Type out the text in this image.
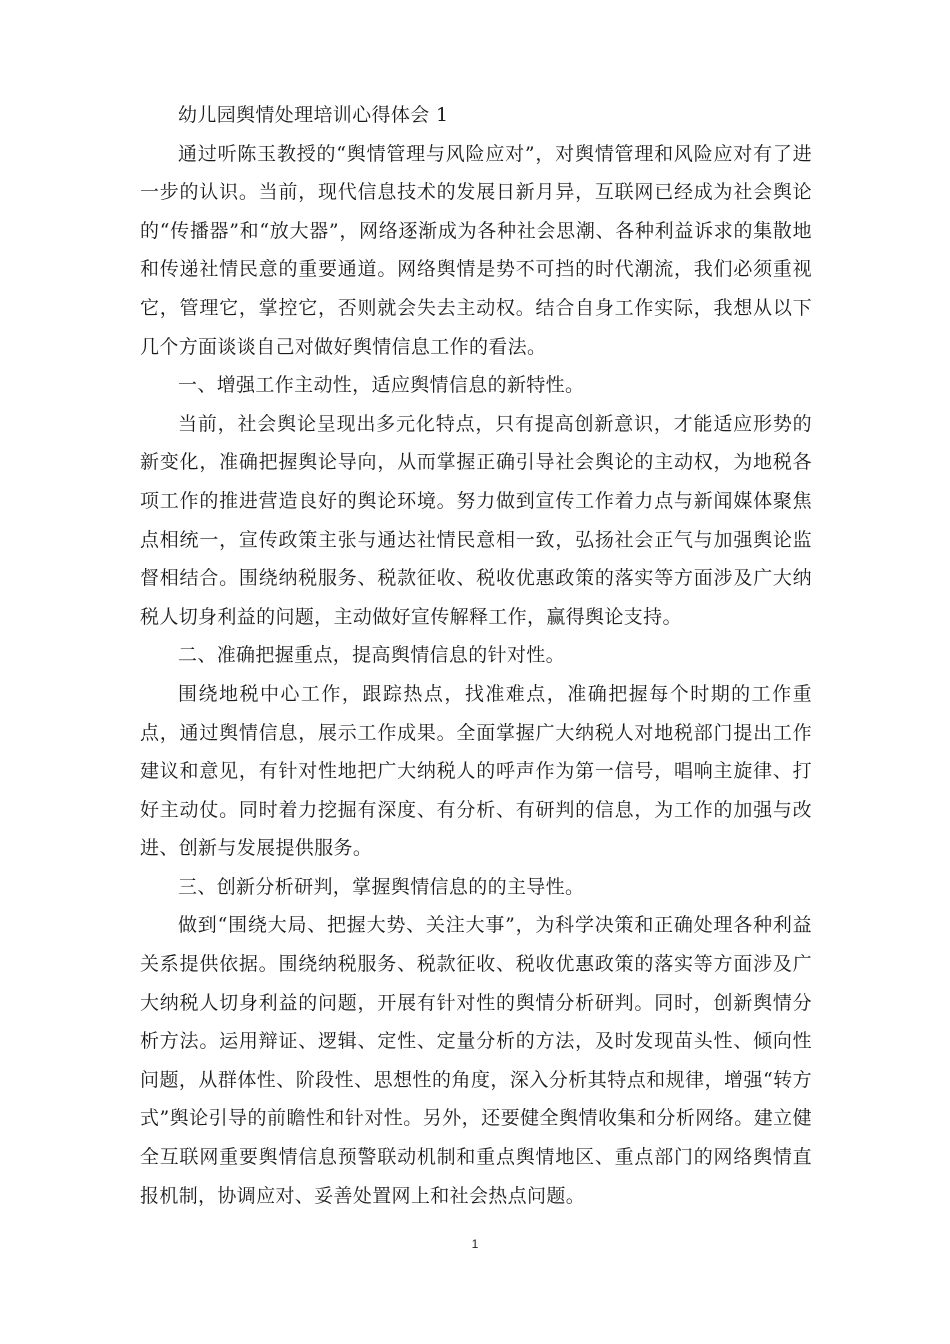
幼儿园舆情处理培训心得体会 1

通过听陈玉教授的“舆情管理与风险应对”，对舆情管理和风险应对有了进一步的认识。当前，现代信息技术的发展日新月异，互联网已经成为社会舆论的“传播器”和“放大器”，网络逐渐成为各种社会思潮、各种利益诉求的集散地和传递社情民意的重要通道。网络舆情是势不可挡的时代潮流，我们必须重视它，管理它，掌控它，否则就会失去主动权。结合自身工作实际，我想从以下几个方面谈谈自己对做好舆情信息工作的看法。

一、增强工作主动性，适应舆情信息的新特性。

当前，社会舆论呈现出多元化特点，只有提高创新意识，才能适应形势的新变化，准确把握舆论导向，从而掌握正确引导社会舆论的主动权，为地税各项工作的推进营造良好的舆论环境。努力做到宣传工作着力点与新闻媒体聚焦点相统一，宣传政策主张与通达社情民意相一致，弘扬社会正气与加强舆论监督相结合。围绕纳税服务、税款征收、税收优惠政策的落实等方面涉及广大纳税人切身利益的问题，主动做好宣传解释工作，赢得舆论支持。

二、准确把握重点，提高舆情信息的针对性。

围绕地税中心工作，跟踪热点，找准难点，准确把握每个时期的工作重点，通过舆情信息，展示工作成果。全面掌握广大纳税人对地税部门提出工作建议和意见，有针对性地把广大纳税人的呼声作为第一信号，唱响主旋律、打好主动仗。同时着力挖掘有深度、有分析、有研判的信息，为工作的加强与改进、创新与发展提供服务。

三、创新分析研判，掌握舆情信息的的主导性。

做到“围绕大局、把握大势、关注大事”，为科学决策和正确处理各种利益关系提供依据。围绕纳税服务、税款征收、税收优惠政策的落实等方面涉及广大纳税人切身利益的问题，开展有针对性的舆情分析研判。同时，创新舆情分析方法。运用辩证、逻辑、定性、定量分析的方法，及时发现苗头性、倾向性问题，从群体性、阶段性、思想性的角度，深入分析其特点和规律，增强“转方式”舆论引导的前瞻性和针对性。另外，还要健全舆情收集和分析网络。建立健全互联网重要舆情信息预警联动机制和重点舆情地区、重点部门的网络舆情直报机制，协调应对、妥善处置网上和社会热点问题。

1
